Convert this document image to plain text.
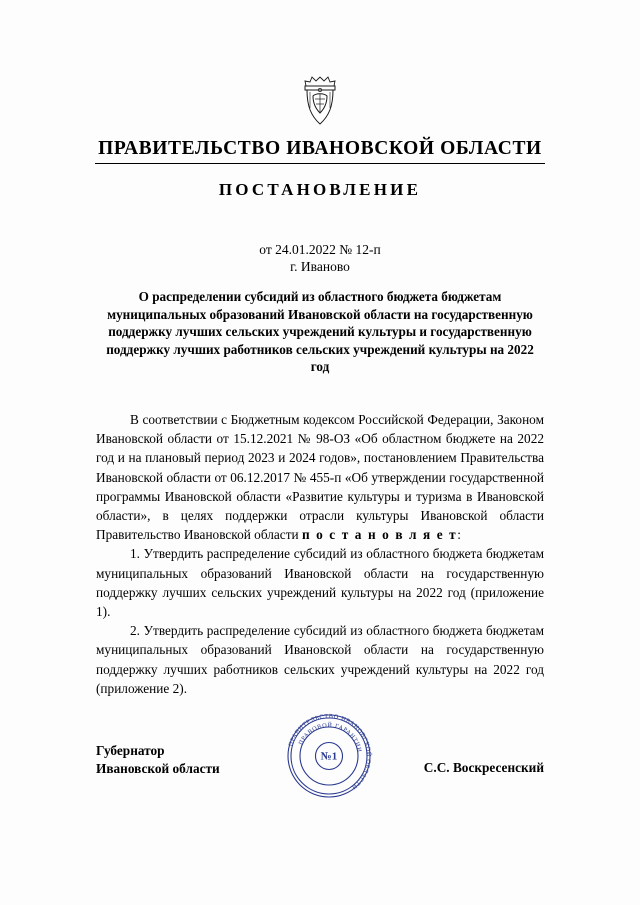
ПРАВИТЕЛЬСТВО ИВАНОВСКОЙ ОБЛАСТИ
ПОСТАНОВЛЕНИЕ
от 24.01.2022 № 12-п
г. Иваново
О распределении субсидий из областного бюджета бюджетам муниципальных образований Ивановской области на государственную поддержку лучших сельских учреждений культуры и государственную поддержку лучших работников сельских учреждений культуры на 2022 год

В соответствии с Бюджетным кодексом Российской Федерации, Законом Ивановской области от 15.12.2021 № 98-ОЗ «Об областном бюджете на 2022 год и на плановый период 2023 и 2024 годов», постановлением Правительства Ивановской области от 06.12.2017 № 455-п «Об утверждении государственной программы Ивановской области «Развитие культуры и туризма в Ивановской области», в целях поддержки отрасли культуры Ивановской области Правительство Ивановской области п о с т а н о в л я е т:

1. Утвердить распределение субсидий из областного бюджета бюджетам муниципальных образований Ивановской области на государственную поддержку лучших сельских учреждений культуры на 2022 год (приложение 1).

2. Утвердить распределение субсидий из областного бюджета бюджетам муниципальных образований Ивановской области на государственную поддержку лучших работников сельских учреждений культуры на 2022 год (приложение 2).

Губернатор
Ивановской области	С.С. Воскресенский
ПРАВИТЕЛЬСТВО ИВАНОВСКОЙ ОБЛАСТИ
ПРАВОВОЙ ГАРАНТИИ
№1
